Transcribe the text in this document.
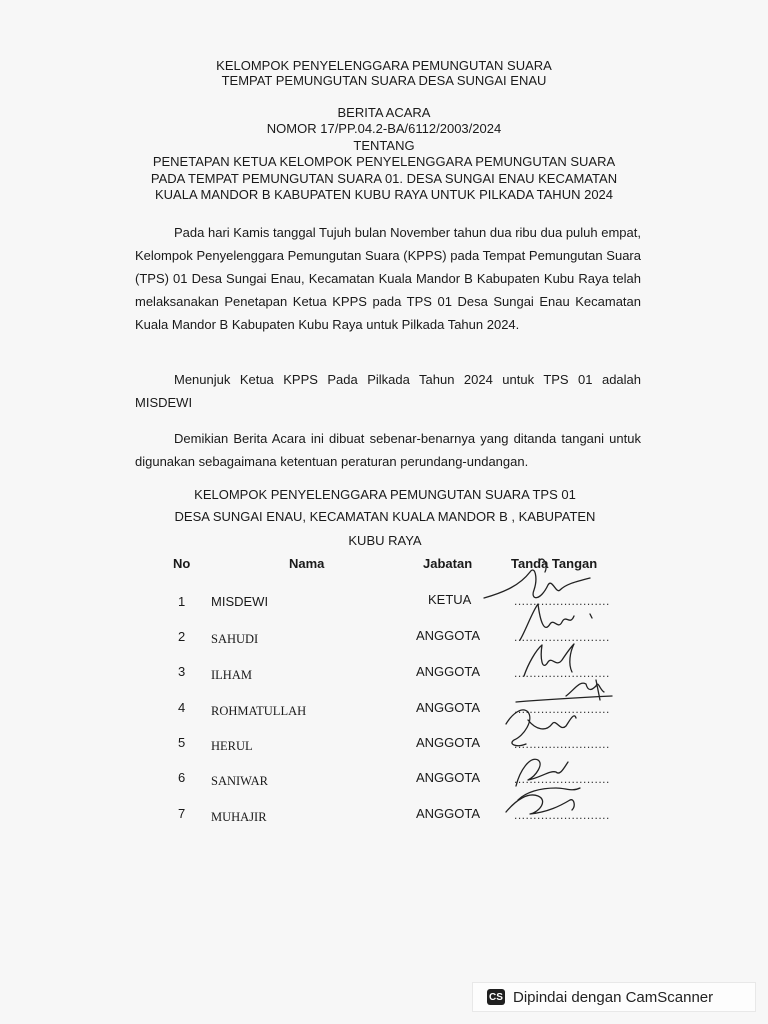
KELOMPOK PENYELENGGARA PEMUNGUTAN SUARA
TEMPAT PEMUNGUTAN SUARA DESA SUNGAI ENAU
BERITA ACARA
NOMOR 17/PP.04.2-BA/6112/2003/2024
TENTANG
PENETAPAN KETUA KELOMPOK PENYELENGGARA PEMUNGUTAN SUARA
PADA TEMPAT PEMUNGUTAN SUARA 01. DESA SUNGAI ENAU KECAMATAN
KUALA MANDOR B KABUPATEN KUBU RAYA UNTUK PILKADA TAHUN 2024
Pada hari Kamis tanggal Tujuh bulan November tahun dua ribu dua puluh empat, Kelompok Penyelenggara Pemungutan Suara (KPPS) pada Tempat Pemungutan Suara (TPS) 01 Desa Sungai Enau, Kecamatan Kuala Mandor B Kabupaten Kubu Raya telah melaksanakan Penetapan Ketua KPPS pada TPS 01 Desa Sungai Enau Kecamatan Kuala Mandor B Kabupaten Kubu Raya untuk Pilkada Tahun 2024.
Menunjuk Ketua KPPS Pada Pilkada Tahun 2024 untuk TPS 01 adalah MISDEWI
Demikian Berita Acara ini dibuat sebenar-benarnya yang ditanda tangani untuk digunakan sebagaimana ketentuan peraturan perundang-undangan.
KELOMPOK PENYELENGGARA PEMUNGUTAN SUARA TPS 01
DESA SUNGAI ENAU, KECAMATAN KUALA MANDOR B , KABUPATEN
KUBU RAYA
No	Nama	Jabatan	Tanda Tangan
1 MISDEWI	KETUA	.........................
2 SAHUDI	ANGGOTA	.........................
3 ILHAM	ANGGOTA	.........................
4 ROHMATULLAH	ANGGOTA	.........................
5 HERUL	ANGGOTA	.........................
6 SANIWAR	ANGGOTA	.........................
7 MUHAJIR	ANGGOTA	.........................
CS Dipindai dengan CamScanner
